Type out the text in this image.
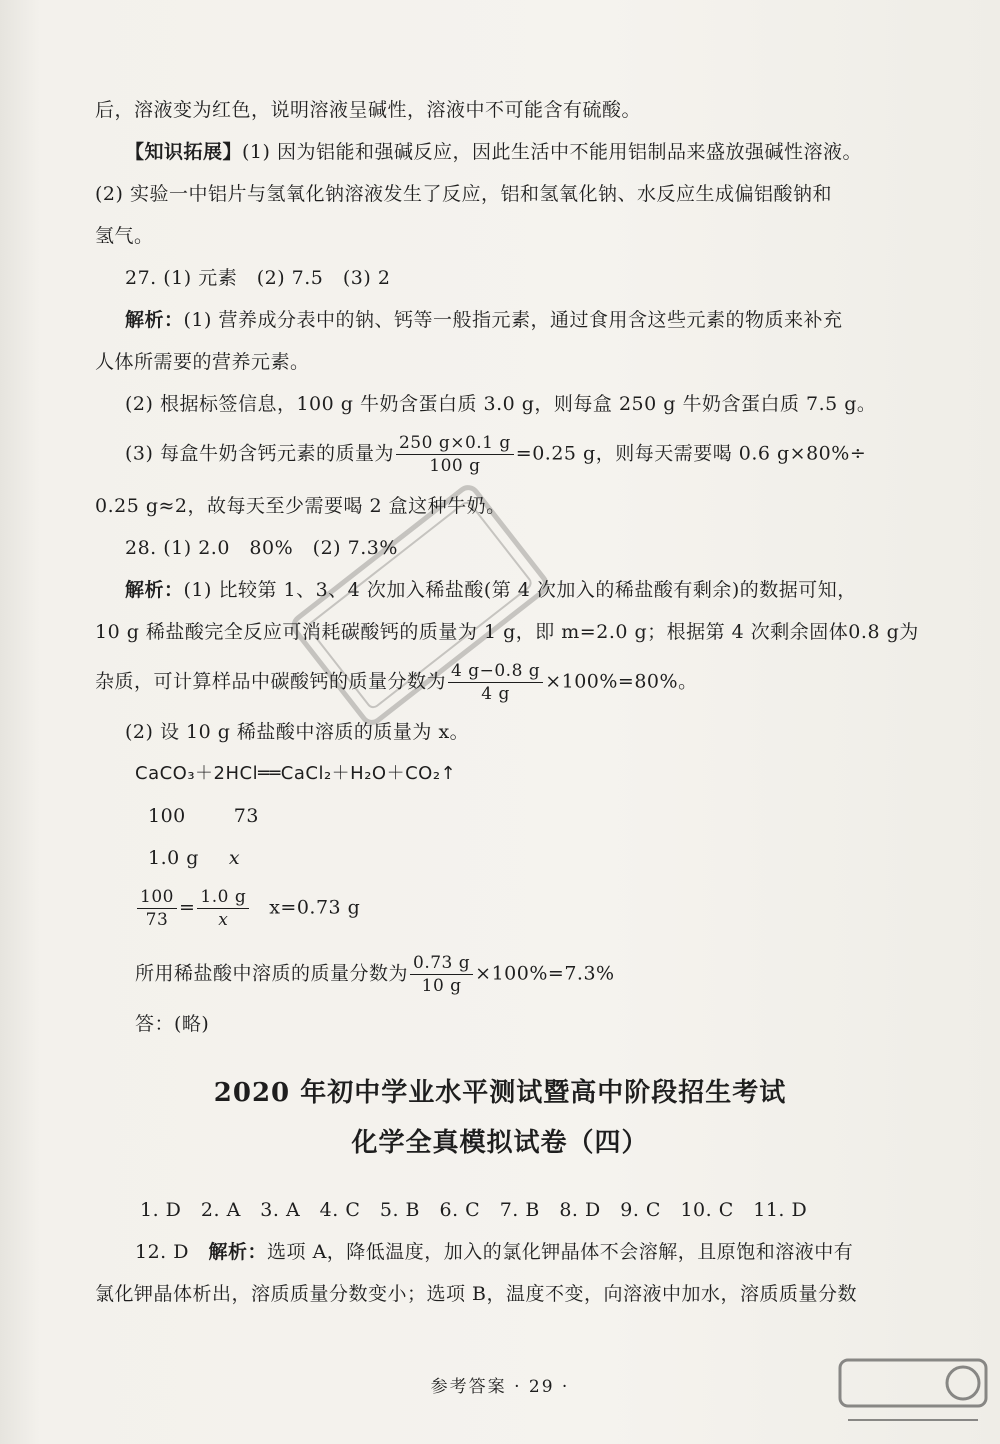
后，溶液变为红色，说明溶液呈碱性，溶液中不可能含有硫酸。
【知识拓展】(1) 因为铝能和强碱反应，因此生活中不能用铝制品来盛放强碱性溶液。
(2) 实验一中铝片与氢氧化钠溶液发生了反应，铝和氢氧化钠、水反应生成偏铝酸钠和
氢气。
27. (1) 元素　(2) 7.5　(3) 2
解析：(1) 营养成分表中的钠、钙等一般指元素，通过食用含这些元素的物质来补充
人体所需要的营养元素。
(2) 根据标签信息，100 g 牛奶含蛋白质 3.0 g，则每盒 250 g 牛奶含蛋白质 7.5 g。
(3) 每盒牛奶含钙元素的质量为 $\frac{250 g\times 0.1 g}{100 g} =0.25$ g，则每天需要喝 0.6 g×80%÷
0.25 g≈2，故每天至少需要喝 2 盒这种牛奶。
28. (1) 2.0　80%　(2) 7.3%
解析：(1) 比较第 1、3、4 次加入稀盐酸(第 4 次加入的稀盐酸有剩余)的数据可知，
10 g 稀盐酸完全反应可消耗碳酸钙的质量为 1 g，即 m=2.0 g；根据第 4 次剩余固体0.8 g为
杂质，可计算样品中碳酸钙的质量分数为 $\frac{4 g-0.8 g}{4 g} \times 100\%=80\%$。
(2) 设 10 g 稀盐酸中溶质的质量为 x。
CaCO₃＋2HCl══CaCl₂＋H₂O＋CO₂↑
100	73
1.0 g x
$\frac{100}{73} = \frac{1.0 g}{x} x=0.73$ g
所用稀盐酸中溶质的质量分数为 $\frac{0.73 g}{10 g} \times 100\%=7.3\%$
答：(略)
2020 年初中学业水平测试暨高中阶段招生考试
化学全真模拟试卷（四）
1. D　2. A　3. A　4. C　5. B　6. C　7. B　8. D　9. C　10. C　11. D
12. D　 解析：选项 A，降低温度，加入的氯化钾晶体不会溶解，且原饱和溶液中有
氯化钾晶体析出，溶质质量分数变小；选项 B，温度不变，向溶液中加水，溶质质量分数
参考答案 · 29 ·
